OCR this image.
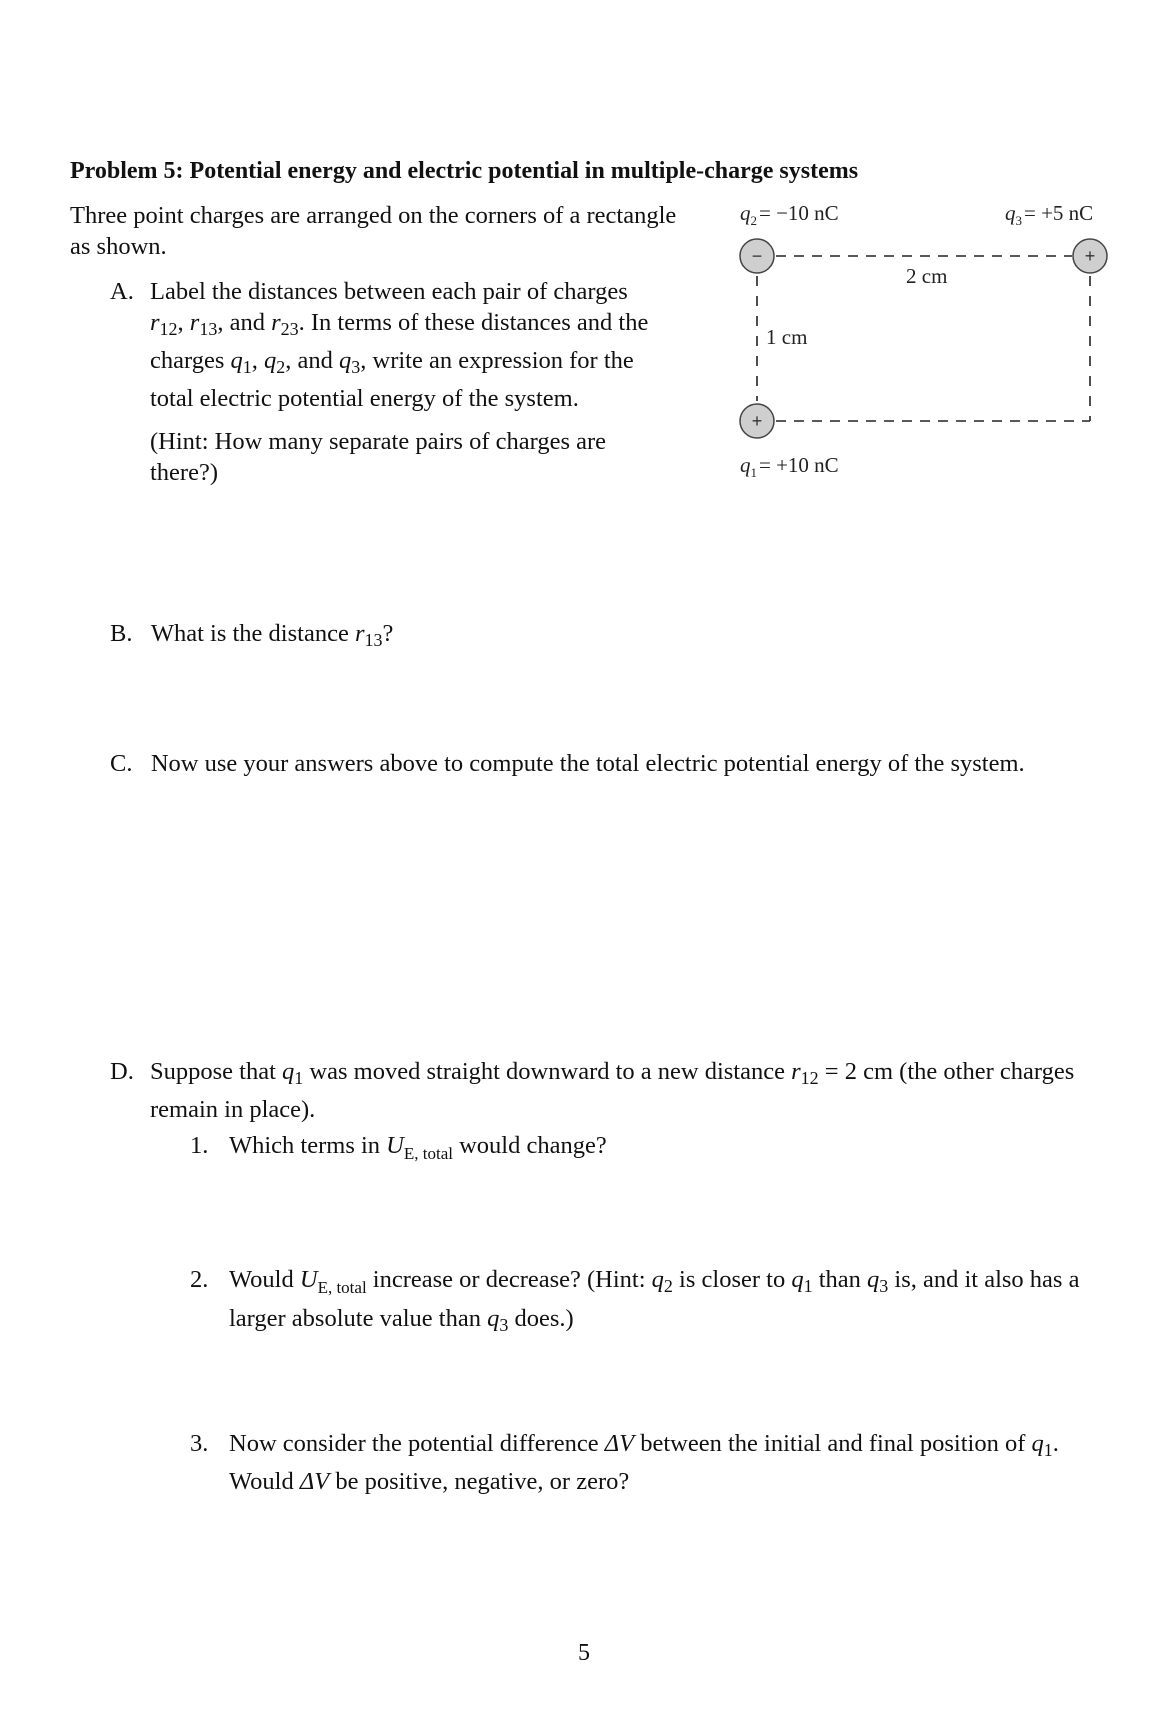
Problem 5: Potential energy and electric potential in multiple-charge systems
Three point charges are arranged on the corners of a rectangle as shown.	−	+
+
$q_2= -10$ nC	$q_3= +5$ nC
$q_1= +10$ nC
2 cm
1 cm
A. Label the distances between each pair of charges
$r_{12}$, $r_{13}$, and $r_{23}$. In terms of these distances and the
charges $q_1$, $q_2$, and $q_3$, write an expression for the
total electric potential energy of the system.
(Hint: How many separate pairs of charges are there?)
B. What is the distance $r_{13}$?
C. Now use your answers above to compute the total electric potential energy of the system.
D. Suppose that $q_1$ was moved straight downward to a new distance $r_{12} = 2$ cm (the other charges remain in place).
1. Which terms in $U_{E, total}$ would change?
2. Would $U_{E, total}$ increase or decrease? (Hint: $q_2$ is closer to $q_1$ than $q_3$ is, and it also has a larger absolute value than $q_3$ does.)
3. Now consider the potential difference ΔV between the initial and final position of $q_1$. Would ΔV be positive, negative, or zero?
5
